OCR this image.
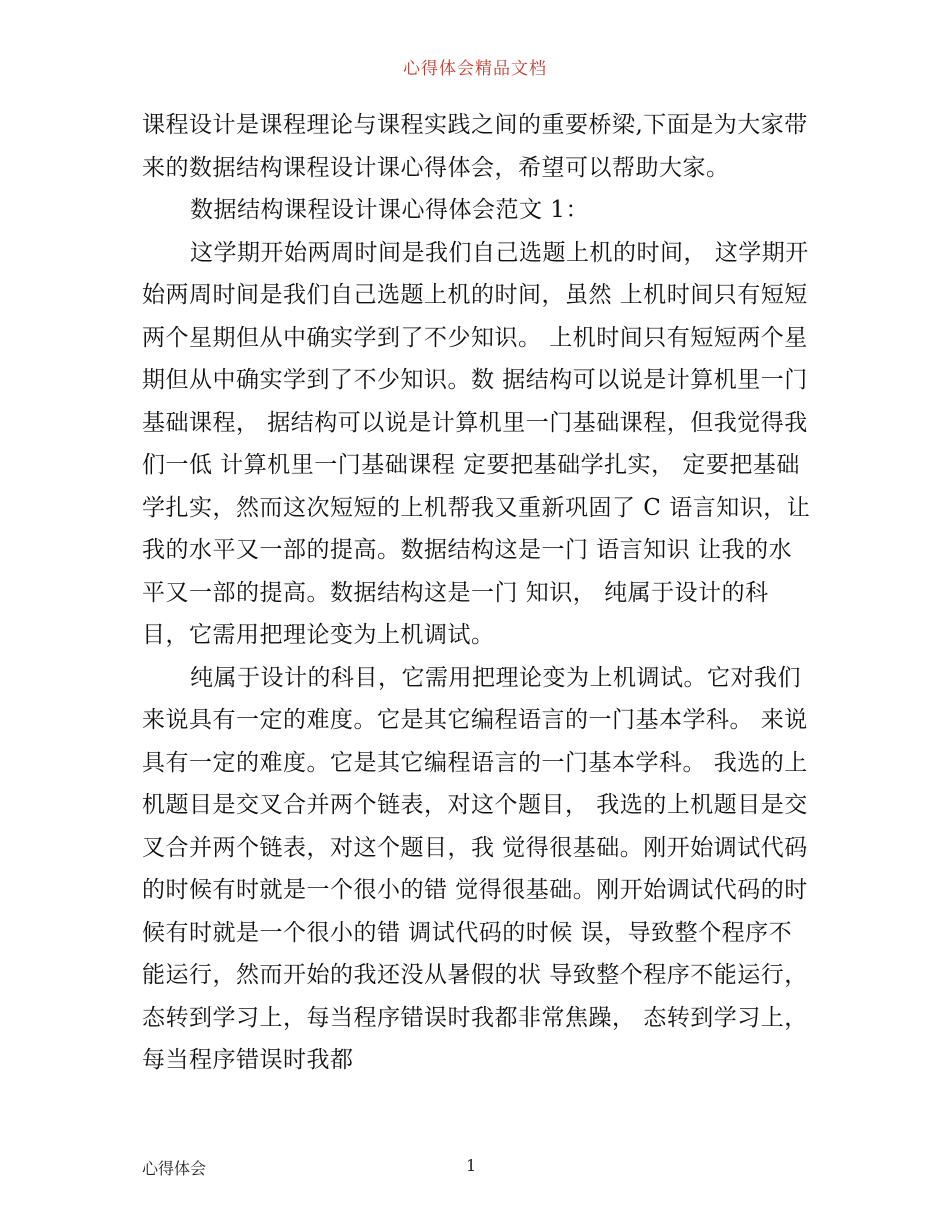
心得体会精品文档

课程设计是课程理论与课程实践之间的重要桥梁,下面是为大家带来的数据结构课程设计课心得体会，希望可以帮助大家。

数据结构课程设计课心得体会范文 1：

这学期开始两周时间是我们自己选题上机的时间， 这学期开始两周时间是我们自己选题上机的时间，虽然 上机时间只有短短两个星期但从中确实学到了不少知识。 上机时间只有短短两个星期但从中确实学到了不少知识。数 据结构可以说是计算机里一门基础课程， 据结构可以说是计算机里一门基础课程，但我觉得我们一低 计算机里一门基础课程 定要把基础学扎实， 定要把基础学扎实，然而这次短短的上机帮我又重新巩固了 C 语言知识，让我的水平又一部的提高。数据结构这是一门 语言知识 让我的水平又一部的提高。数据结构这是一门 知识， 纯属于设计的科目，它需用把理论变为上机调试。

纯属于设计的科目，它需用把理论变为上机调试。它对我们 来说具有一定的难度。它是其它编程语言的一门基本学科。 来说具有一定的难度。它是其它编程语言的一门基本学科。 我选的上机题目是交叉合并两个链表，对这个题目， 我选的上机题目是交叉合并两个链表，对这个题目，我 觉得很基础。刚开始调试代码的时候有时就是一个很小的错 觉得很基础。刚开始调试代码的时候有时就是一个很小的错 调试代码的时候 误，导致整个程序不能运行，然而开始的我还没从暑假的状 导致整个程序不能运行， 态转到学习上，每当程序错误时我都非常焦躁， 态转到学习上，每当程序错误时我都

心得体会	1
